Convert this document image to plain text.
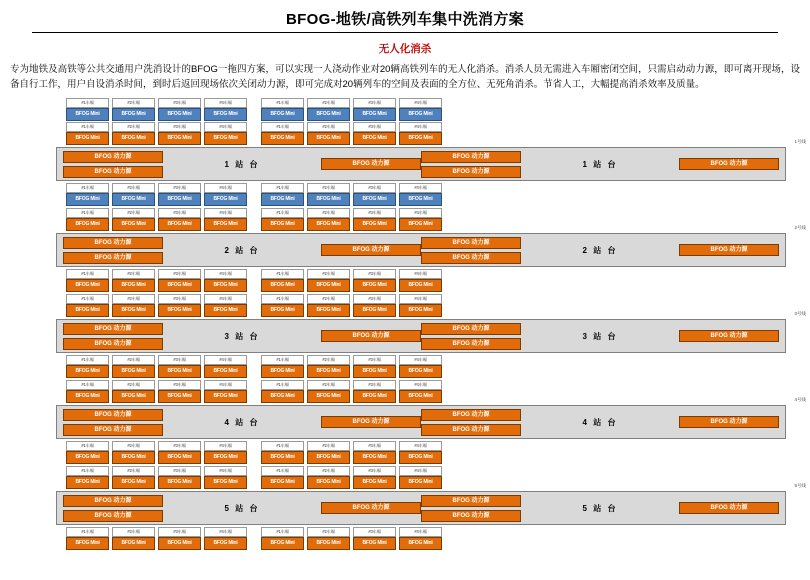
BFOG-地铁/高铁列车集中洗消方案
无人化消杀
专为地铁及高铁等公共交通用户洗消设计的BFOG一拖四方案，可以实现一人浇动作业对20辆高铁列车的无人化消杀。消杀人员无需进入车厢密闭空间，只需启动动力源，即可离开现场，设备自行工作，用户自设消杀时间，到时后返回现场依次关闭动力源，即可完成对20辆列车的空间及表面的全方位、无死角消杀。节省人工，大幅提高消杀效率及质量。
#1车厢
BFOG Mini
#2车厢
BFOG Mini
#3车厢
BFOG Mini
#4车厢
BFOG Mini
#1车厢
BFOG Mini
#2车厢
BFOG Mini
#3车厢
BFOG Mini
#4车厢
BFOG Mini
#1车厢
BFOG Mini
#2车厢
BFOG Mini
#3车厢
BFOG Mini
#4车厢
BFOG Mini
#1车厢
BFOG Mini
#2车厢
BFOG Mini
#3车厢
BFOG Mini
#4车厢
BFOG Mini
1号线
BFOG 动力源
BFOG 动力源
1 站 台	BFOG 动力源
BFOG 动力源
BFOG 动力源
1 站 台	BFOG 动力源
#1车厢
BFOG Mini
#2车厢
BFOG Mini
#3车厢
BFOG Mini
#4车厢
BFOG Mini
#1车厢
BFOG Mini
#2车厢
BFOG Mini
#3车厢
BFOG Mini
#4车厢
BFOG Mini
#1车厢
BFOG Mini
#2车厢
BFOG Mini
#3车厢
BFOG Mini
#4车厢
BFOG Mini
#1车厢
BFOG Mini
#2车厢
BFOG Mini
#3车厢
BFOG Mini
#4车厢
BFOG Mini
2号线
BFOG 动力源
BFOG 动力源
2 站 台	BFOG 动力源
BFOG 动力源
BFOG 动力源
2 站 台	BFOG 动力源
#1车厢
BFOG Mini
#2车厢
BFOG Mini
#3车厢
BFOG Mini
#4车厢
BFOG Mini
#1车厢
BFOG Mini
#2车厢
BFOG Mini
#3车厢
BFOG Mini
#4车厢
BFOG Mini
#1车厢
BFOG Mini
#2车厢
BFOG Mini
#3车厢
BFOG Mini
#4车厢
BFOG Mini
#1车厢
BFOG Mini
#2车厢
BFOG Mini
#3车厢
BFOG Mini
#4车厢
BFOG Mini
3号线
BFOG 动力源
BFOG 动力源
3 站 台	BFOG 动力源
BFOG 动力源
BFOG 动力源
3 站 台	BFOG 动力源
#1车厢
BFOG Mini
#2车厢
BFOG Mini
#3车厢
BFOG Mini
#4车厢
BFOG Mini
#1车厢
BFOG Mini
#2车厢
BFOG Mini
#3车厢
BFOG Mini
#4车厢
BFOG Mini
#1车厢
BFOG Mini
#2车厢
BFOG Mini
#3车厢
BFOG Mini
#4车厢
BFOG Mini
#1车厢
BFOG Mini
#2车厢
BFOG Mini
#3车厢
BFOG Mini
#4车厢
BFOG Mini
4号线
BFOG 动力源
BFOG 动力源
4 站 台	BFOG 动力源
BFOG 动力源
BFOG 动力源
4 站 台	BFOG 动力源
#1车厢
BFOG Mini
#2车厢
BFOG Mini
#3车厢
BFOG Mini
#4车厢
BFOG Mini
#1车厢
BFOG Mini
#2车厢
BFOG Mini
#3车厢
BFOG Mini
#4车厢
BFOG Mini
#1车厢
BFOG Mini
#2车厢
BFOG Mini
#3车厢
BFOG Mini
#4车厢
BFOG Mini
#1车厢
BFOG Mini
#2车厢
BFOG Mini
#3车厢
BFOG Mini
#4车厢
BFOG Mini
5号线
BFOG 动力源
BFOG 动力源
5 站 台	BFOG 动力源
BFOG 动力源
BFOG 动力源
5 站 台	BFOG 动力源
#1车厢
BFOG Mini
#2车厢
BFOG Mini
#3车厢
BFOG Mini
#4车厢
BFOG Mini
#1车厢
BFOG Mini
#2车厢
BFOG Mini
#3车厢
BFOG Mini
#4车厢
BFOG Mini
